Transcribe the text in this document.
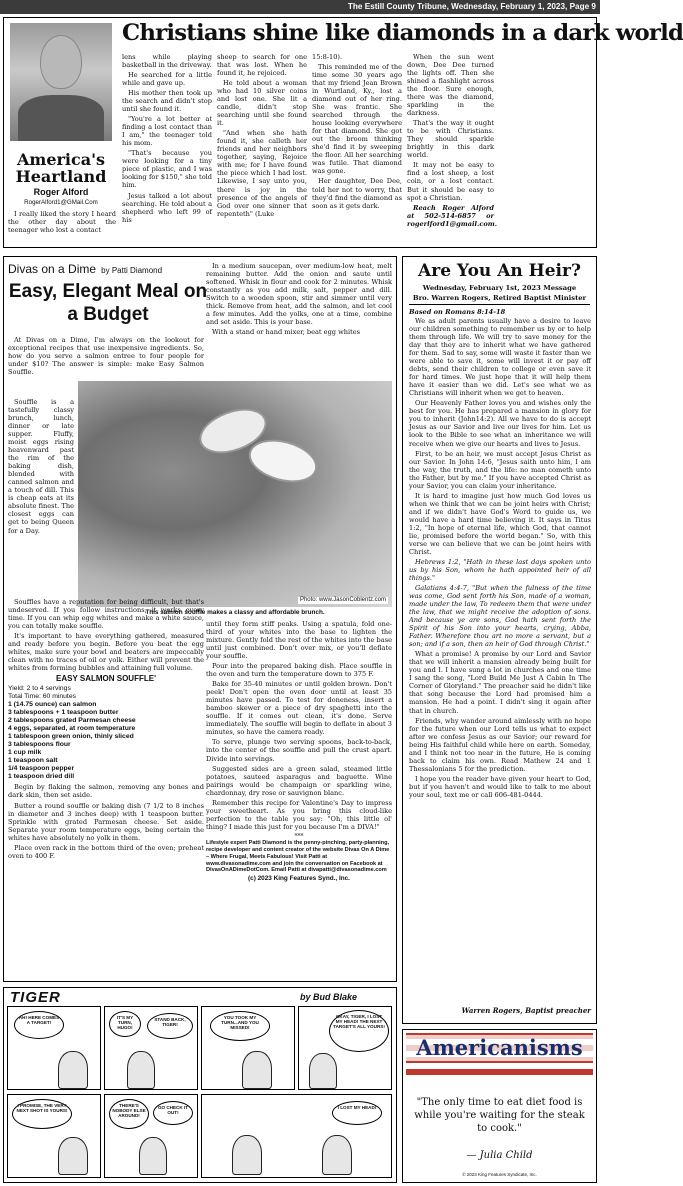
The Estill County Tribune, Wednesday, February 1, 2023, Page 9
Christians shine like diamonds in a dark world
America's
Heartland
Roger Alford
RogerAlford1@GMail.Com

I really liked the story I heard the other day about the teenager who lost a contact

lens while playing basketball in the driveway.

He searched for a little while and gave up.

His mother then took up the search and didn't stop until she found it.

"You're a lot better at finding a lost contact than I am," the teenager told his mom.

"That's because you were looking for a tiny piece of plastic, and I was looking for $150," she told him.

Jesus talked a lot about searching. He told about a shepherd who left 99 of his

sheep to search for one that was lost. When he found it, he rejoiced.

He told about a woman who had 10 silver coins and lost one. She lit a candle, didn't stop searching until she found it.

"And when she hath found it, she calleth her friends and her neighbors together, saying, Rejoice with me; for I have found the piece which I had lost. Likewise, I say unto you, there is joy in the presence of the angels of God over one sinner that repenteth" (Luke

15:8-10).

This reminded me of the time some 30 years ago that my friend Jean Brown in Wurtland, Ky., lost a diamond out of her ring. She was frantic. She searched through the house looking everywhere for that diamond. She got out the broom thinking she'd find it by sweeping the floor. All her searching was futile. That diamond was gone.

Her daughter, Dee Dee, told her not to worry, that they'd find the diamond as soon as it gets dark.

When the sun went down, Dee Dee turned the lights off. Then she shined a flashlight across the floor. Sure enough, there was the diamond, sparkling in the darkness.

That's the way it ought to be with Christians. They should sparkle brightly in this dark world.

It may not be easy to find a lost sheep, a lost coin, or a lost contact. But it should be easy to spot a Christian.

Reach Roger Alford at 502-514-6857 or rogerlford1@gmail.com.

Divas on a Dime by Patti Diamond
Easy, Elegant Meal on a Budget

At Divas on a Dime, I'm always on the lookout for exceptional recipes that use inexpensive ingredients. So, how do you serve a salmon entree to four people for under $10? The answer is simple: make Easy Salmon Souffle.

Photo: www.JasonCoblentz.com
This salmon souffle makes a classy and affordable brunch.

Souffle is a tastefully classy brunch, lunch, dinner or late supper. Fluffy, moist eggs rising heavenward past the rim of the baking dish, blended with canned salmon and a touch of dill. This is cheap eats at its absolute finest. The closest eggs can get to being Queen for a Day.

Souffles have a reputation for being difficult, but that's undeserved. If you follow instructions, it works every time. If you can whip egg whites and make a white sauce, you can totally make souffle.

It's important to have everything gathered, measured and ready before you begin. Before you beat the egg whites, make sure your bowl and beaters are impeccably clean with no traces of oil or yolk. Either will prevent the whites from forming bubbles and attaining full volume.

EASY SALMON SOUFFLE'
Yield: 2 to 4 servings
Total Time: 60 minutes
1 (14.75 ounce) can salmon
3 tablespoons + 1 teaspoon butter
2 tablespoons grated Parmesan cheese
4 eggs, separated, at room temperature
1 tablespoon green onion, thinly sliced
3 tablespoons flour
1 cup milk
1 teaspoon salt
1/4 teaspoon pepper
1 teaspoon dried dill

Begin by flaking the salmon, removing any bones and dark skin, then set aside.

Butter a round souffle or baking dish (7 1/2 to 8 inches in diameter and 3 inches deep) with 1 teaspoon butter. Sprinkle with grated Parmesan cheese. Set aside. Separate your room temperature eggs, being certain the whites have absolutely no yolk in them.

Place oven rack in the bottom third of the oven; preheat oven to 400 F.

In a medium saucepan, over medium-low heat, melt remaining butter. Add the onion and saute until softened. Whisk in flour and cook for 2 minutes. Whisk constantly as you add milk, salt, pepper and dill. Switch to a wooden spoon, stir and simmer until very thick. Remove from heat, add the salmon, and let cool a few minutes. Add the yolks, one at a time, combine and set aside. This is your base.

With a stand or hand mixer, beat egg whites

until they form stiff peaks. Using a spatula, fold one-third of your whites into the base to lighten the mixture. Gently fold the rest of the whites into the base until just combined. Don't over mix, or you'll deflate your souffle.

Pour into the prepared baking dish. Place souffle in the oven and turn the temperature down to 375 F.

Bake for 35-40 minutes or until golden brown. Don't peek! Don't open the oven door until at least 35 minutes have passed. To test for doneness, insert a bamboo skewer or a piece of dry spaghetti into the souffle. If it comes out clean, it's done. Serve immediately. The souffle will begin to deflate in about 3 minutes, so have the camera ready.

To serve, plunge two serving spoons, back-to-back, into the center of the souffle and pull the crust apart. Divide into servings.

Suggested sides are a green salad, steamed little potatoes, sauteed asparagus and baguette. Wine pairings would be champaign or sparkling wine, chardonnay, dry rose or sauvignon blanc.

Remember this recipe for Valentine's Day to impress your sweetheart. As you bring this cloud-like perfection to the table you say: "Oh, this little ol' thing? I made this just for you because I'm a DIVA!"

***
Lifestyle expert Patti Diamond is the penny-pinching, party-planning, recipe developer and content creator of the website Divas On A Dime – Where Frugal, Meets Fabulous! Visit Patti at www.divasonadime.com and join the conversation on Facebook at DivasOnADimeDotCom. Email Patti at divapatti@divasonadime.com
(c) 2023 King Features Synd., Inc.
Are You An Heir?
Wednesday, February 1st, 2023 Message
Bro. Warren Rogers, Retired Baptist Minister
Based on Romans 8:14-18

We as adult parents usually have a desire to leave our children something to remember us by or to help them through life. We will try to save money for the day that they are to inherit what we have gathered for them. Sad to say, some will waste it faster than we were able to save it, some will invest it or pay off debts, send their children to college or even save it for hard times. We just hope that it will help them have it easier than we did. Let's see what we as Christians will inherit when we get to heaven.

Our Heavenly Father loves you and wishes only the best for you. He has prepared a mansion in glory for you to inherit (John14:2). All we have to do is accept Jesus as our Savior and live our lives for him. Let us look to the Bible to see what an inheritance we will receive when we give our hearts and lives to Jesus.

First, to be an heir, we must accept Jesus Christ as our Savior. In John 14:6, "Jesus saith unto him, I am the way, the truth, and the life: no man cometh unto the Father, but by me." If you have accepted Christ as your Savior, you can claim your inheritance.

It is hard to imagine just how much God loves us when we think that we can be joint heirs with Christ; and if we didn't have God's Word to guide us, we would have a hard time believing it. It says in Titus 1:2, "In hope of eternal life, which God, that cannot lie, promised before the world began." So, with this verse we can believe that we can be joint heirs with Christ.

Hebrews 1:2, "Hath in these last days spoken unto us by his Son, whom he hath appointed heir of all things."

Galatians 4:4-7, "But when the fulness of the time was come, God sent forth his Son, made of a woman, made under the law, To redeem them that were under the law, that we might receive the adoption of sons. And because ye are sons, God hath sent forth the Spirit of his Son into your hearts, crying, Abba, Father. Wherefore thou art no more a servant, but a son; and if a son, then an heir of God through Christ."

What a promise! A promise by our Lord and Savior that we will inherit a mansion already being built for you and I. I have sung a lot in churches and one time I sang the song, "Lord Build Me Just A Cabin In The Corner of Gloryland." The preacher said he didn't like that song because the Lord had promised him a mansion. He had a point. I didn't sing it again after that in church.

Friends, why wander around aimlessly with no hope for the future when our Lord tells us what to expect after we confess Jesus as our Savior; our reward for being His faithful child while here on earth. Someday, and I think not too near in the future, He is coming back to claim his own. Read Mathew 24 and 1 Thessalonians 5 for the prediction.

I hope you the reader have given your heart to God, but if you haven't and would like to talk to me about your soul, text me or call 606-481-0444.

Warren Rogers, Baptist preacher
TIGER	by Bud Blake
AH! HERE COMES A TARGET!
IT'S MY TURN, HUGO!
STAND BACK, TIGER!
YOU TOOK MY TURN...AND YOU MISSED!
OKAY, TIGER, I LOST MY HEAD! THE NEXT TARGET'S ALL YOURS!
I PROMISE, THE VERY NEXT SHOT IS YOURS!
THERE'S NOBODY ELSE AROUND!
GO CHECK IT OUT!
I LOST MY HEAD!
Americanisms
"The only time to eat diet food is while you're waiting for the steak to cook."
— Julia Child
© 2023 King Features Syndicate, Inc.
